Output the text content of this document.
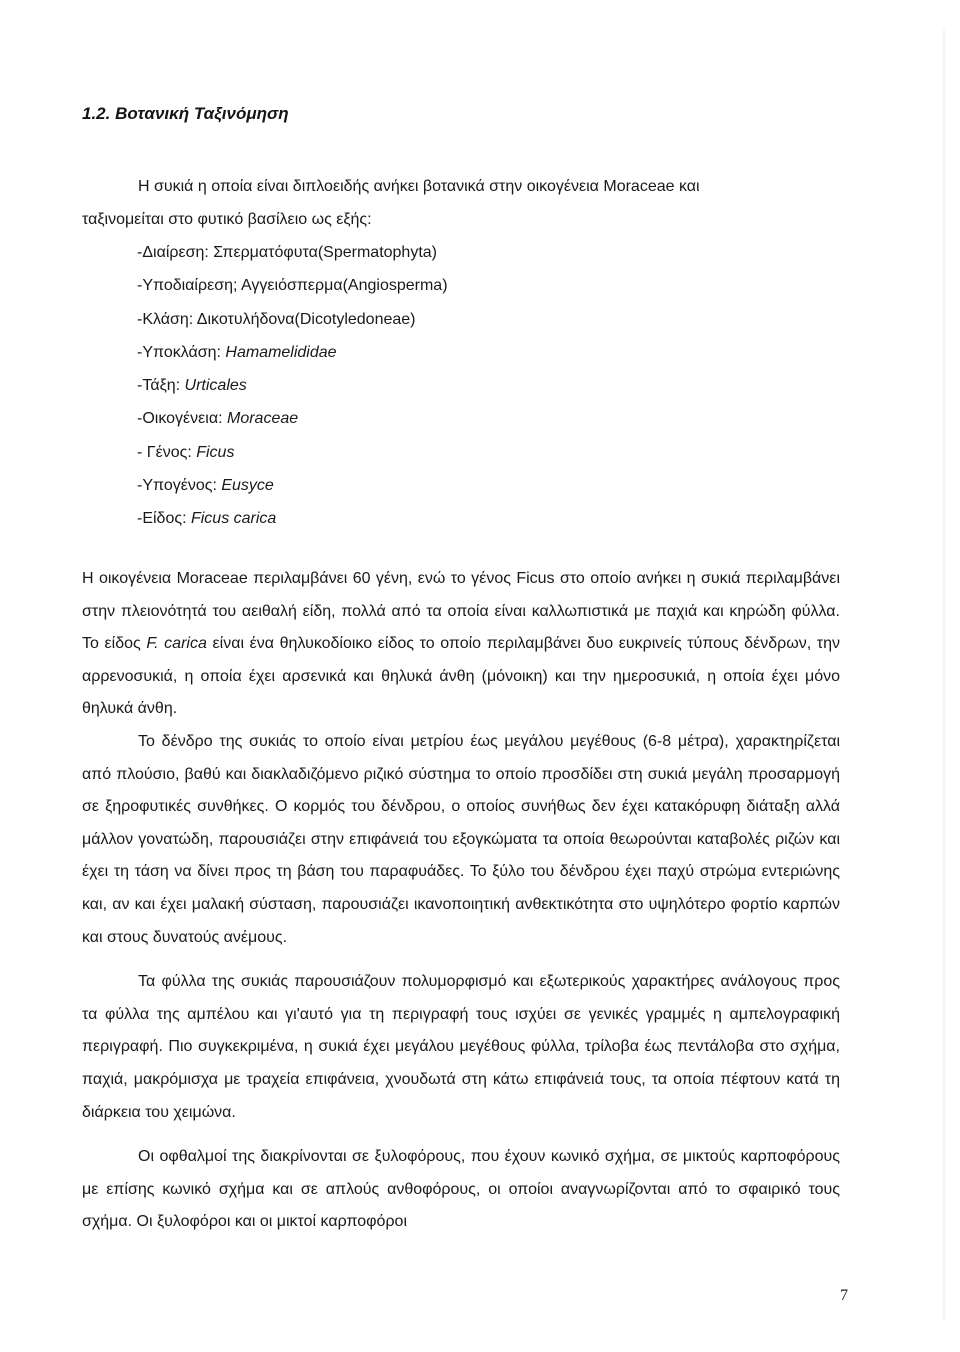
1.2. Βοτανική Ταξινόμηση
Η συκιά η οποία είναι διπλοειδής ανήκει βοτανικά στην οικογένεια Moraceae και
ταξινομείται στο φυτικό βασίλειο ως εξής:
-Διαίρεση: Σπερματόφυτα(Spermatophyta)
-Υποδιαίρεση; Αγγειόσπερμα(Angiosperma)
-Κλάση: Δικοτυλήδονα(Dicotyledoneae)
-Υποκλάση: Hamamelididae
-Τάξη: Urticales
-Οικογένεια: Moraceae
- Γένος: Ficus
-Υπογένος: Eusyce
-Είδος: Ficus carica

Η οικογένεια Moraceae περιλαμβάνει 60 γένη, ενώ το γένος Ficus στο οποίο ανήκει η συκιά περιλαμβάνει στην πλειονότητά του αειθαλή είδη, πολλά από τα οποία είναι καλλωπιστικά με παχιά και κηρώδη φύλλα. Το είδος F. carica είναι ένα θηλυκοδίοικο είδος το οποίο περιλαμβάνει δυο ευκρινείς τύπους δένδρων, την αρρενοσυκιά, η οποία έχει αρσενικά και θηλυκά άνθη (μόνοικη) και την ημεροσυκιά, η οποία έχει μόνο θηλυκά άνθη.

Το δένδρο της συκιάς το οποίο είναι μετρίου έως μεγάλου μεγέθους (6-8 μέτρα), χαρακτηρίζεται από πλούσιο, βαθύ και διακλαδιζόμενο ριζικό σύστημα το οποίο προσδίδει στη συκιά μεγάλη προσαρμογή σε ξηροφυτικές συνθήκες. Ο κορμός του δένδρου, ο οποίος συνήθως δεν έχει κατακόρυφη διάταξη αλλά μάλλον γονατώδη, παρουσιάζει στην επιφάνειά του εξογκώματα τα οποία θεωρούνται καταβολές ριζών και έχει τη τάση να δίνει προς τη βάση του παραφυάδες. Το ξύλο του δένδρου έχει παχύ στρώμα εντεριώνης και, αν και έχει μαλακή σύσταση, παρουσιάζει ικανοποιητική ανθεκτικότητα στο υψηλότερο φορτίο καρπών και στους δυνατούς ανέμους.

Τα φύλλα της συκιάς παρουσιάζουν πολυμορφισμό και εξωτερικούς χαρακτήρες ανάλογους προς τα φύλλα της αμπέλου και γι'αυτό για τη περιγραφή τους ισχύει σε γενικές γραμμές η αμπελογραφική περιγραφή. Πιο συγκεκριμένα, η συκιά έχει μεγάλου μεγέθους φύλλα, τρίλοβα έως πεντάλοβα στο σχήμα, παχιά, μακρόμισχα με τραχεία επιφάνεια, χνουδωτά στη κάτω επιφάνειά τους, τα οποία πέφτουν κατά τη διάρκεια του χειμώνα.

Οι οφθαλμοί της διακρίνονται σε ξυλοφόρους, που έχουν κωνικό σχήμα, σε μικτούς καρποφόρους με επίσης κωνικό σχήμα και σε απλούς ανθοφόρους, οι οποίοι αναγνωρίζονται από το σφαιρικό τους σχήμα. Οι ξυλοφόροι και οι μικτοί καρποφόροι

7
